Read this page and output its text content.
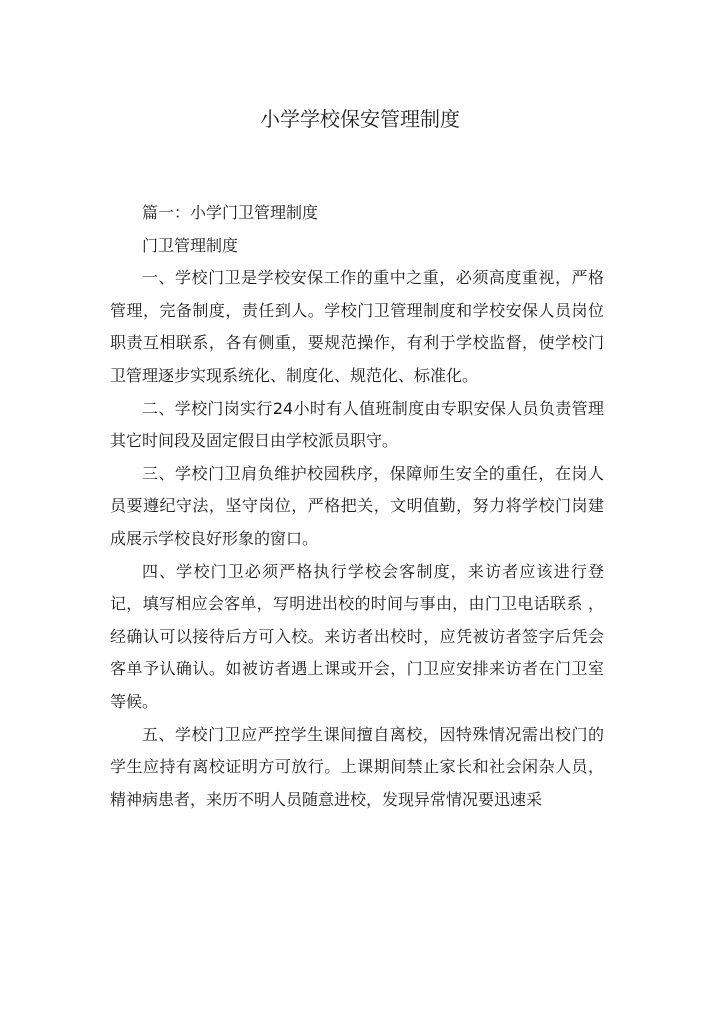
小学学校保安管理制度

篇一：小学门卫管理制度

门卫管理制度

一、学校门卫是学校安保工作的重中之重，必须高度重视，严格管理，完备制度，责任到人。学校门卫管理制度和学校安保人员岗位职责互相联系，各有侧重，要规范操作，有利于学校监督，使学校门卫管理逐步实现系统化、制度化、规范化、标准化。

二、学校门岗实行24小时有人值班制度由专职安保人员负责管理其它时间段及固定假日由学校派员职守。

三、学校门卫肩负维护校园秩序，保障师生安全的重任，在岗人员要遵纪守法，坚守岗位，严格把关，文明值勤，努力将学校门岗建成展示学校良好形象的窗口。

四、学校门卫必须严格执行学校会客制度，来访者应该进行登记，填写相应会客单，写明进出校的时间与事由，由门卫电话联系 ，经确认可以接待后方可入校。来访者出校时，应凭被访者签字后凭会客单予认确认。如被访者遇上课或开会，门卫应安排来访者在门卫室等候。

五、学校门卫应严控学生课间擅自离校，因特殊情况需出校门的学生应持有离校证明方可放行。上课期间禁止家长和社会闲杂人员，精神病患者，来历不明人员随意进校，发现异常情况要迅速采
